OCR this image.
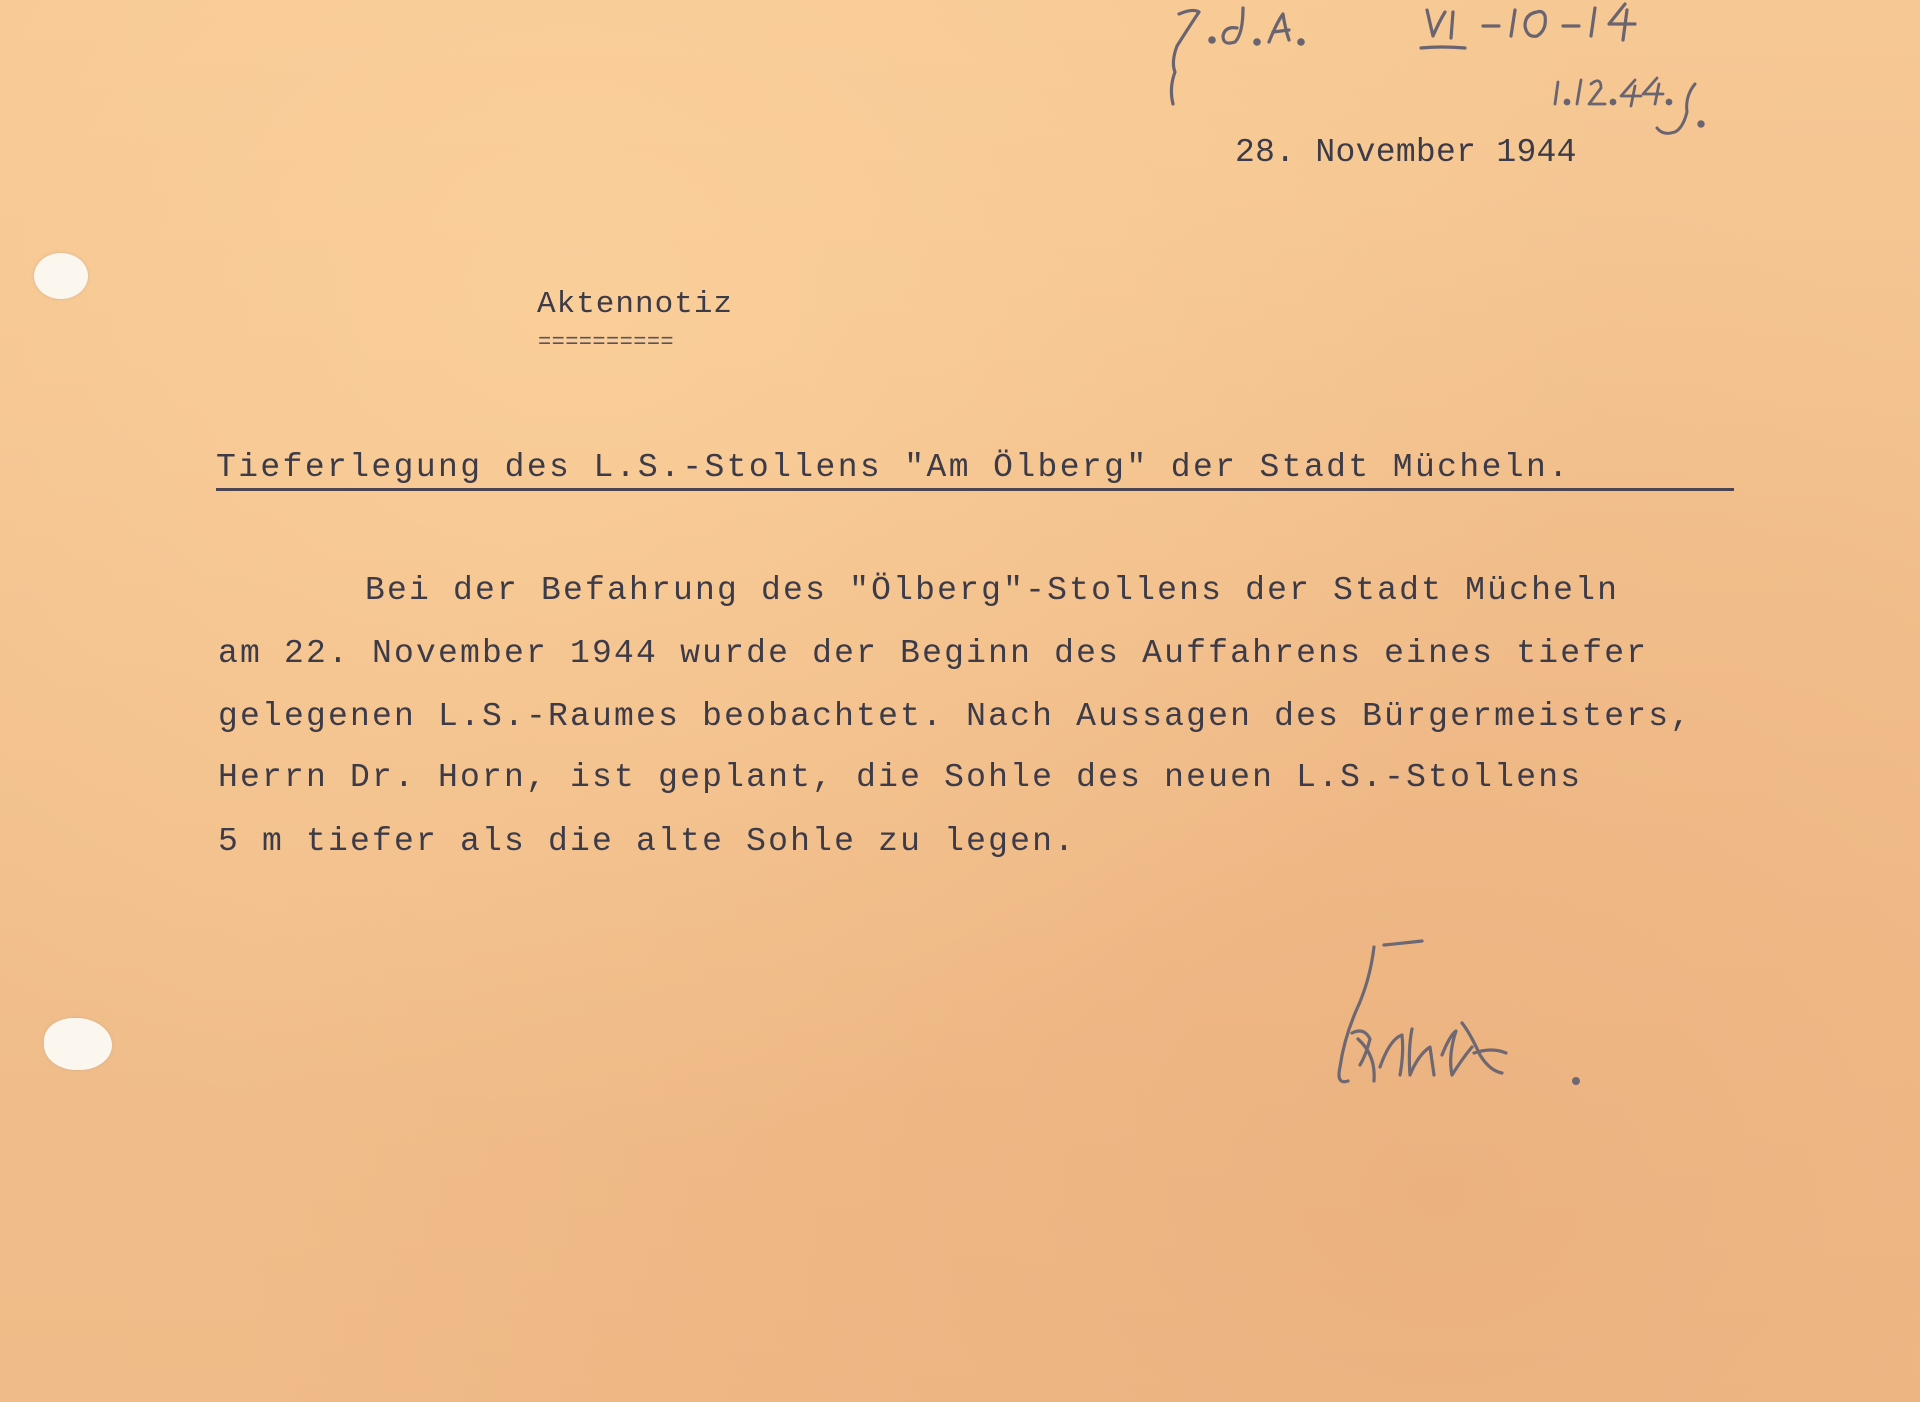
28. November 1944
Aktennotiz
==========
Tieferlegung des L.S.-Stollens "Am Ölberg" der Stadt Mücheln.
Bei der Befahrung des "Ölberg"-Stollens der Stadt Mücheln
am 22. November 1944 wurde der Beginn des Auffahrens eines tiefer
gelegenen L.S.-Raumes beobachtet. Nach Aussagen des Bürgermeisters,
Herrn Dr. Horn, ist geplant, die Sohle des neuen L.S.-Stollens
5 m tiefer als die alte Sohle zu legen.
